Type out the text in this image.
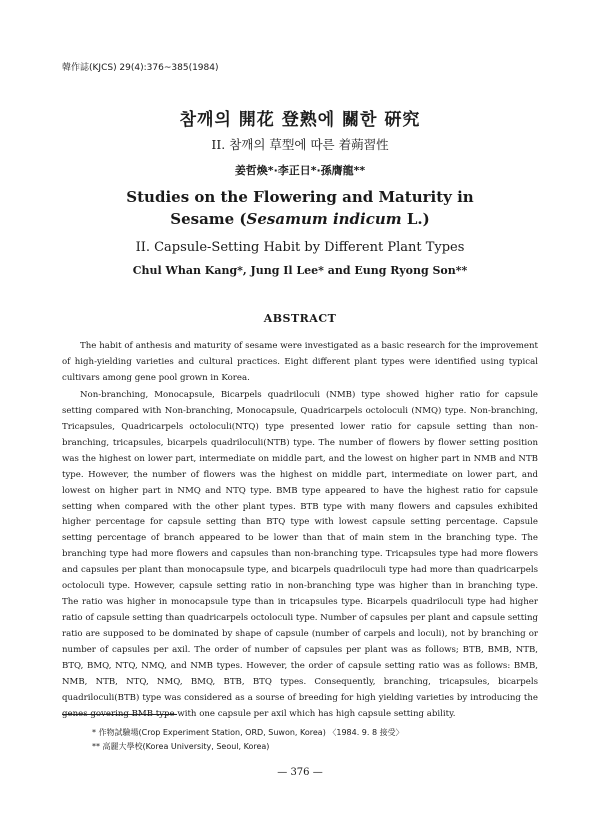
韓作誌(KJCS) 29(4):376~385(1984)
참깨의 開花 登熟에 關한 硏究
II. 참깨의 草型에 따른 着蒴習性
姜哲煥*·李正日*·孫膺龍**
Studies on the Flowering and Maturity in
Sesame (Sesamum indicum L.)
II. Capsule-Setting Habit by Different Plant Types
Chul Whan Kang*, Jung Il Lee* and Eung Ryong Son**
ABSTRACT

The habit of anthesis and maturity of sesame were investigated as a basic research for the improvement of high-yielding varieties and cultural practices. Eight different plant types were identified using typical cultivars among gene pool grown in Korea.

Non-branching, Monocapsule, Bicarpels quadriloculi (NMB) type showed higher ratio for capsule setting compared with Non-branching, Monocapsule, Quadricarpels octoloculi (NMQ) type. Non-branching, Tricapsules, Quadricarpels octoloculi(NTQ) type presented lower ratio for capsule setting than non-branching, tricapsules, bicarpels quadriloculi(NTB) type. The number of flowers by flower setting position was the highest on lower part, intermediate on middle part, and the lowest on higher part in NMB and NTB type. However, the number of flowers was the highest on middle part, intermediate on lower part, and lowest on higher part in NMQ and NTQ type. BMB type appeared to have the highest ratio for capsule setting when compared with the other plant types. BTB type with many flowers and capsules exhibited higher percentage for capsule setting than BTQ type with lowest capsule setting percentage. Capsule setting percentage of branch appeared to be lower than that of main stem in the branching type. The branching type had more flowers and capsules than non-branching type. Tricapsules type had more flowers and capsules per plant than monocapsule type, and bicarpels quadriloculi type had more than quadricarpels octoloculi type. However, capsule setting ratio in non-branching type was higher than in branching type. The ratio was higher in monocapsule type than in tricapsules type. Bicarpels quadriloculi type had higher ratio of capsule setting than quadricarpels octoloculi type. Number of capsules per plant and capsule setting ratio are supposed to be dominated by shape of capsule (number of carpels and loculi), not by branching or number of capsules per axil. The order of number of capsules per plant was as follows; BTB, BMB, NTB, BTQ, BMQ, NTQ, NMQ, and NMB types. However, the order of capsule setting ratio was as follows: BMB, NMB, NTB, NTQ, NMQ, BMQ, BTB, BTQ types. Consequently, branching, tricapsules, bicarpels quadriloculi(BTB) type was considered as a sourse of breeding for high yielding varieties by introducing the genes govering BMB type with one capsule per axil which has high capsule setting ability.

* 作物試驗場(Crop Experiment Station, ORD, Suwon, Korea) 〈1984. 9. 8 接受〉
** 高麗大學校(Korea University, Seoul, Korea)
— 376 —
